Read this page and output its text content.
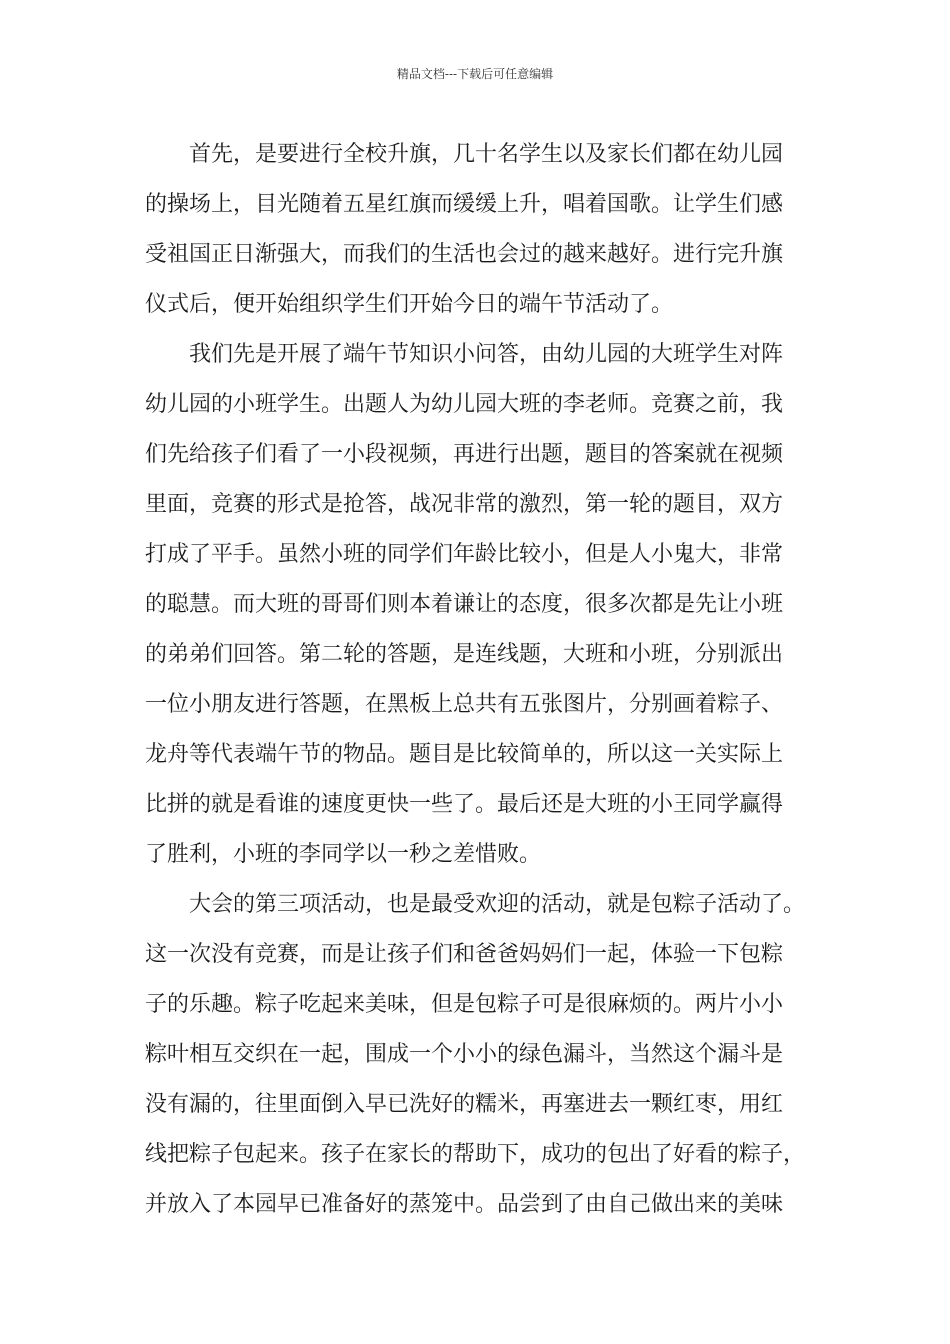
精品文档---下载后可任意编辑
首先，是要进行全校升旗，几十名学生以及家长们都在幼儿园
的操场上，目光随着五星红旗而缓缓上升，唱着国歌。让学生们感
受祖国正日渐强大，而我们的生活也会过的越来越好。进行完升旗
仪式后，便开始组织学生们开始今日的端午节活动了。
我们先是开展了端午节知识小问答，由幼儿园的大班学生对阵
幼儿园的小班学生。出题人为幼儿园大班的李老师。竞赛之前，我
们先给孩子们看了一小段视频，再进行出题，题目的答案就在视频
里面，竞赛的形式是抢答，战况非常的激烈，第一轮的题目，双方
打成了平手。虽然小班的同学们年龄比较小，但是人小鬼大，非常
的聪慧。而大班的哥哥们则本着谦让的态度，很多次都是先让小班
的弟弟们回答。第二轮的答题，是连线题，大班和小班，分别派出
一位小朋友进行答题，在黑板上总共有五张图片，分别画着粽子、
龙舟等代表端午节的物品。题目是比较简单的，所以这一关实际上
比拼的就是看谁的速度更快一些了。最后还是大班的小王同学赢得
了胜利，小班的李同学以一秒之差惜败。
大会的第三项活动，也是最受欢迎的活动，就是包粽子活动了。
这一次没有竞赛，而是让孩子们和爸爸妈妈们一起，体验一下包粽
子的乐趣。粽子吃起来美味，但是包粽子可是很麻烦的。两片小小
粽叶相互交织在一起，围成一个小小的绿色漏斗，当然这个漏斗是
没有漏的，往里面倒入早已洗好的糯米，再塞进去一颗红枣，用红
线把粽子包起来。孩子在家长的帮助下，成功的包出了好看的粽子，
并放入了本园早已准备好的蒸笼中。品尝到了由自己做出来的美味
